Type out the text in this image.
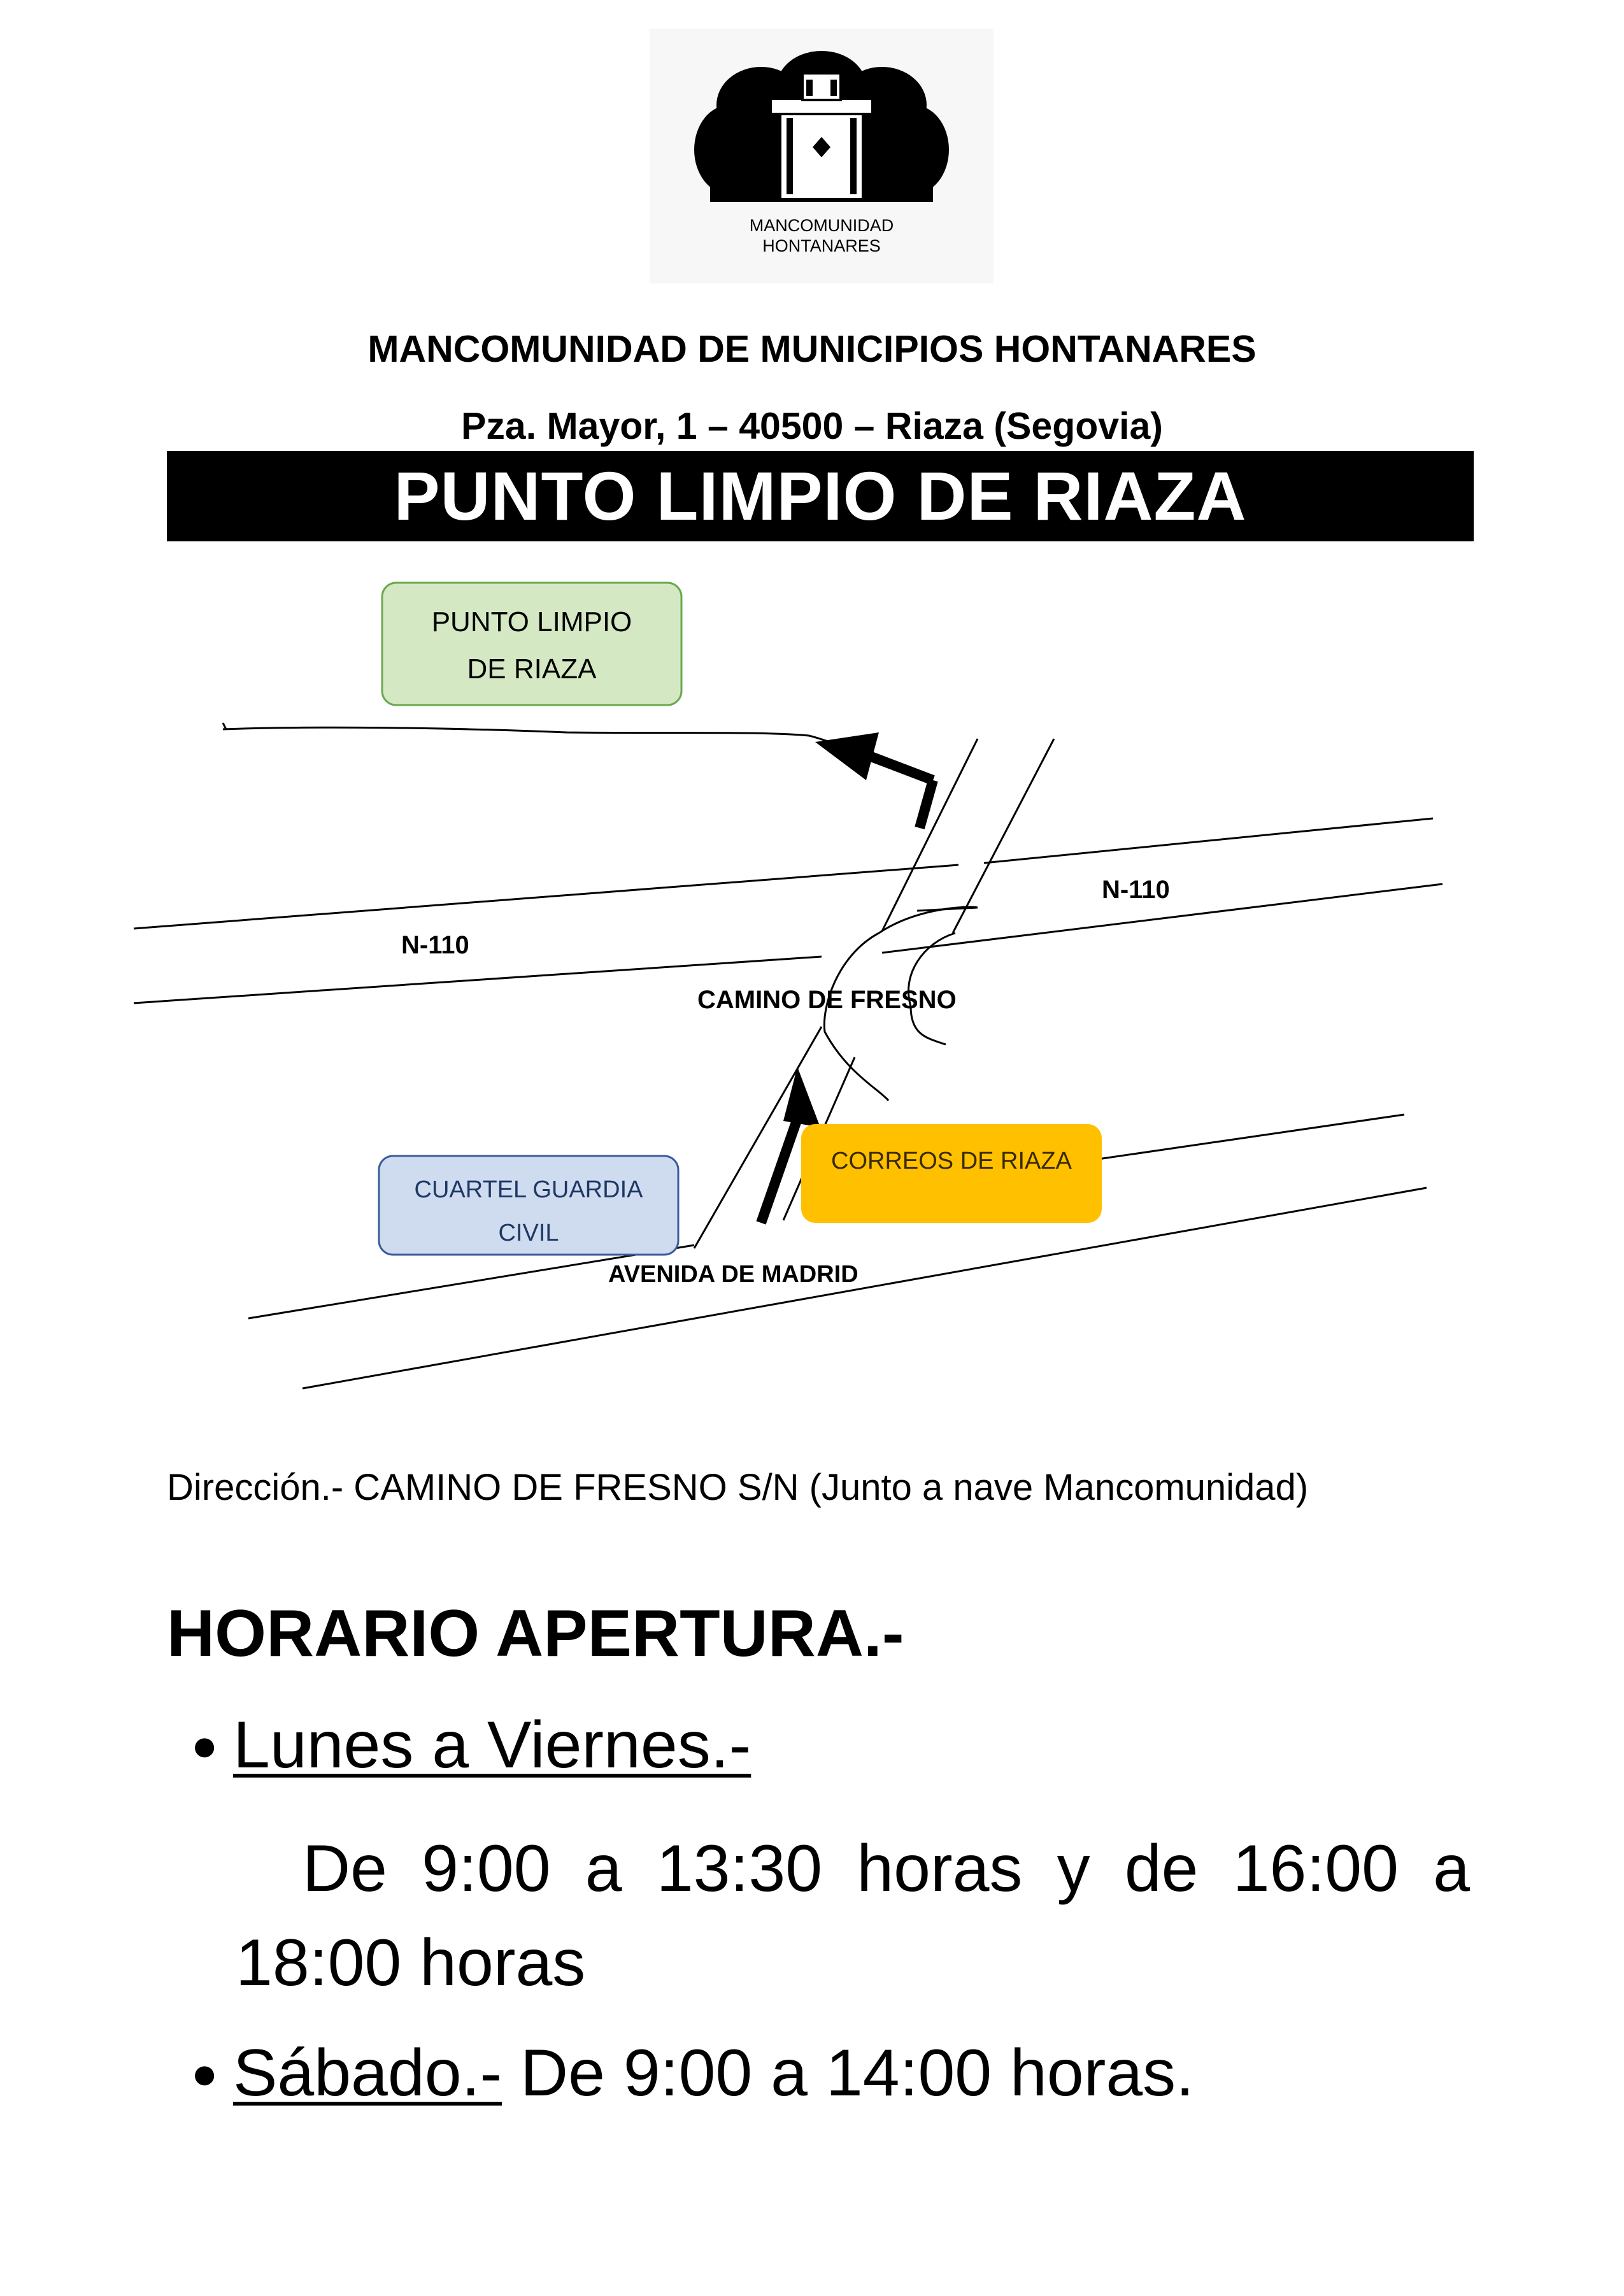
MANCOMUNIDAD
HONTANARES
MANCOMUNIDAD DE MUNICIPIOS HONTANARES
Pza. Mayor, 1 – 40500 – Riaza (Segovia)
PUNTO LIMPIO DE RIAZA
PUNTO LIMPIO
DE RIAZA
CUARTEL GUARDIA
CIVIL
CORREOS DE RIAZA
N-110
N-110
CAMINO DE FRESNO
AVENIDA DE MADRID
Dirección.- CAMINO DE FRESNO S/N (Junto a nave Mancomunidad)
HORARIO APERTURA.-
● Lunes a Viernes.-
De 9:00 a 13:30 horas y de 16:00 a 18:00 horas
● Sábado.- De 9:00 a 14:00 horas.
